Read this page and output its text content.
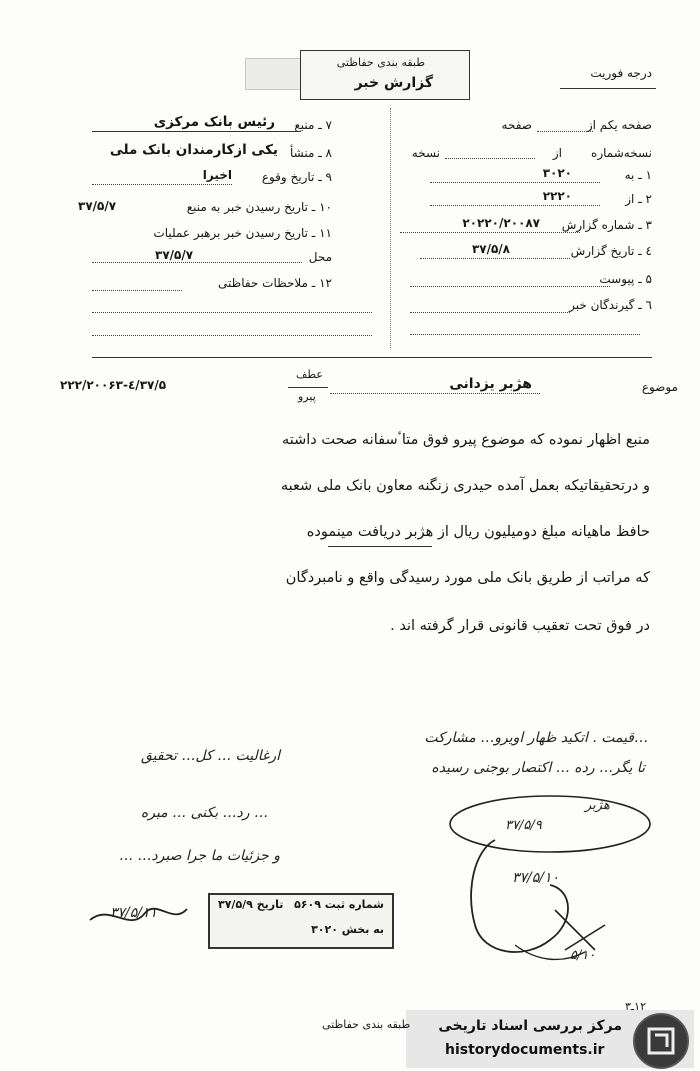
طبقه بندی حفاظتی
گزارش خبر
درجه فوریت
صفحه یکم از
صفحه
نسخه‌شماره
از
نسخه
۱ ـ به
۳۰۲۰
۲ ـ از
۲۲۲۰
۳ ـ شماره گزارش
۲۰۲۲۰/۲۰۰۸۷
٤ ـ تاریخ گزارش
۳۷/۵/۸
۵ ـ پیوست
٦ ـ گیرندگان خبر
۷ ـ منبع
رئیس بانک مرکزی
۸ ـ منشأ
یکی ازکارمندان بانک ملی
۹ ـ تاریخ وقوع
اخیرا
۱۰ ـ تاریخ رسیدن خبر به منبع
۳۷/۵/۷
۱۱ ـ تاریخ رسیدن خبر برهبر عملیات
محل
۳۷/۵/۷
۱۲ ـ ملاحظات حفاظتی
موضوع
هژبر یزدانی
عطف
پیرو
۳۷/۵/٤-۲۲۲/۲۰۰۶۳
منبع اظهار نموده که موضوع پیرو فوق متاٴسفانه صحت داشته
و درتحقیقاتیکه بعمل آمده حیدری زنگنه معاون بانک ملی شعبه
حافظ ماهیانه مبلغ دومیلیون ریال از هژبر دریافت مینموده
که مراتب از طریق بانک ملی مورد رسیدگی واقع و نامبردگان
در فوق تحت تعقیب قانونی قرار گرفته اند .
…قیمت . اتکید ظهار اویرو… مشارکت
تا یگر… رده … اکتصار بوجنی رسیده
ارغالیت … کل… تحقیق
… رد… بکنی … مبره
و جزئیات ما جرا صبرد… …
هژبر
۳۷/۵/۹
۳۷/۵/۱۰
۵/۱۰
۳۷/۵/۱۱
شماره ثبت ۵۶۰۹
تاریخ ۳۷/۵/۹
به بخش ۳۰۲۰
۱۲ـ۳
طبقه بندی حفاظتی مرکز بررسی اسناد تاریخی
historydocuments.ir
